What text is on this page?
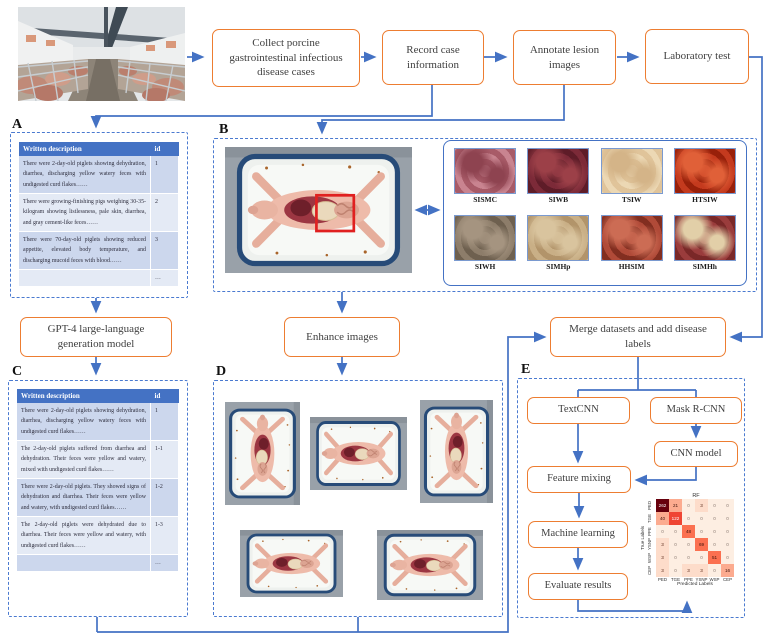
Collect porcine gastrointestinal infectious disease cases
Record case information
Annotate lesion images
Laboratory test
A
Written description	id
There were 2-day-old piglets showing dehydration, diarrhea, discharging yellow watery feces with undigested curd flakes……	1
There were growing-finishing pigs weighing 30-35-kilogram showing listlessness, pale skin, diarrhea, and gray cement-like feces……	2
There were 70-day-old piglets showing reduced appetite, elevated body temperature, and discharging mucoid feces with blood……	3
	…
B
SISMC	SIWB	TSIW	HTSIW
SIWH	SIMHp	HHSIM	SIMHh
GPT-4 large-language generation model
Enhance images
Merge datasets and add disease labels
C
Written description	id
There were 2-day-old piglets showing dehydration, diarrhea, discharging yellow watery feces with undigested curd flakes……	1
The 2-day-old piglets suffered from diarrhea and dehydration. Their feces were yellow and watery, mixed with undigested curd flakes……	1-1
There were 2-day-old piglets. They showed signs of dehydration and diarrhea. Their feces were yellow and watery, with undigested curd flakes……	1-2
The 2-day-old piglets were dehydrated due to diarrhea. Their feces were yellow and watery, with undigested curd flakes……	1-3
	…
D	E
TextCNN	Mask R-CNN
CNN model
Feature mixing
Machine learning
Evaluate results
RF
True Labels
PED
TGE
PPE
YSNP
WSP
CEP
262	21	0	3	0	0
40	122	0	0	0	0
0	0	48	0	0	0
3	0	0	69	0	0
3	0	0	0	51	0
3	0	3	3	0	16
PED TGE PPE YSNP WSP CEP
Predicted Labels
